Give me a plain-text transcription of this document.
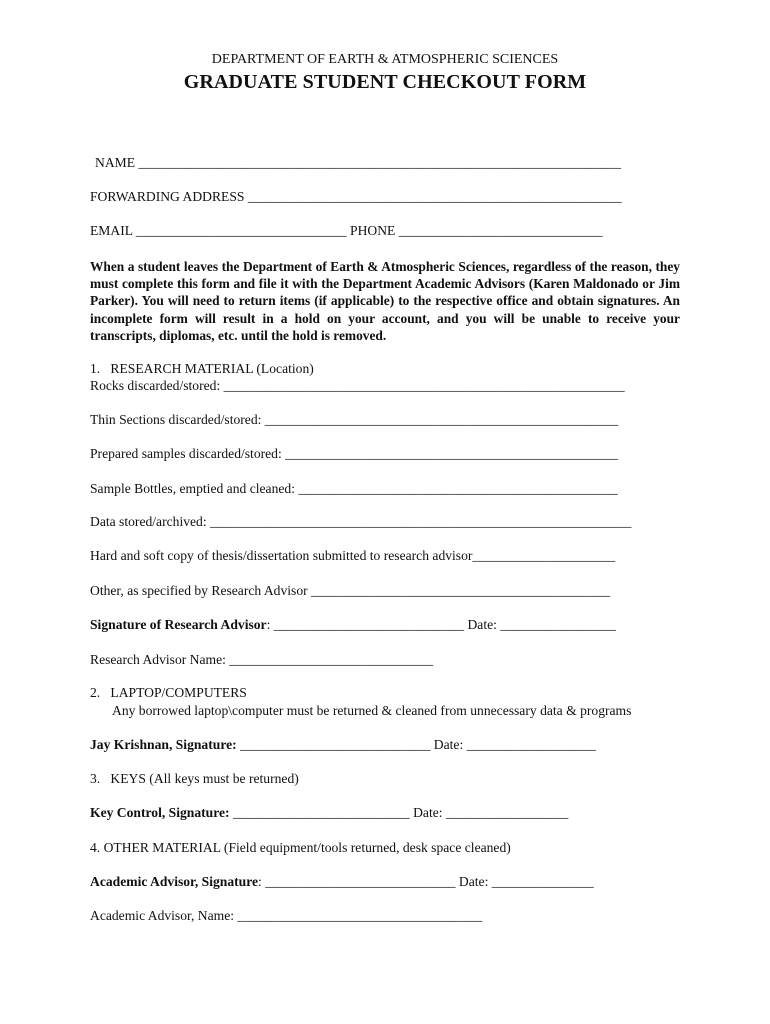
DEPARTMENT OF EARTH & ATMOSPHERIC SCIENCES
GRADUATE STUDENT CHECKOUT FORM
NAME _______________________________________________________________________
FORWARDING ADDRESS _______________________________________________________
EMAIL _______________________________ PHONE ______________________________
When a student leaves the Department of Earth & Atmospheric Sciences, regardless of the reason, they must complete this form and file it with the Department Academic Advisors (Karen Maldonado or Jim Parker). You will need to return items (if applicable) to the respective office and obtain signatures. An incomplete form will result in a hold on your account, and you will be unable to receive your transcripts, diplomas, etc. until the hold is removed.
1.   RESEARCH MATERIAL (Location)
Rocks discarded/stored: ___________________________________________________________
Thin Sections discarded/stored: ____________________________________________________
Prepared samples discarded/stored: _________________________________________________
Sample Bottles, emptied and cleaned: _______________________________________________
Data stored/archived: ______________________________________________________________
Hard and soft copy of thesis/dissertation submitted to research advisor_____________________
Other, as specified by Research Advisor ____________________________________________
Signature of Research Advisor: ____________________________ Date: _________________
Research Advisor Name: ______________________________
2.   LAPTOP/COMPUTERS
Any borrowed laptop\computer must be returned & cleaned from unnecessary data & programs
Jay Krishnan, Signature: ____________________________ Date: ___________________
3.   KEYS (All keys must be returned)
Key Control, Signature: __________________________ Date: __________________
4. OTHER MATERIAL (Field equipment/tools returned, desk space cleaned)
Academic Advisor, Signature: ____________________________ Date: _______________
Academic Advisor, Name: ____________________________________
